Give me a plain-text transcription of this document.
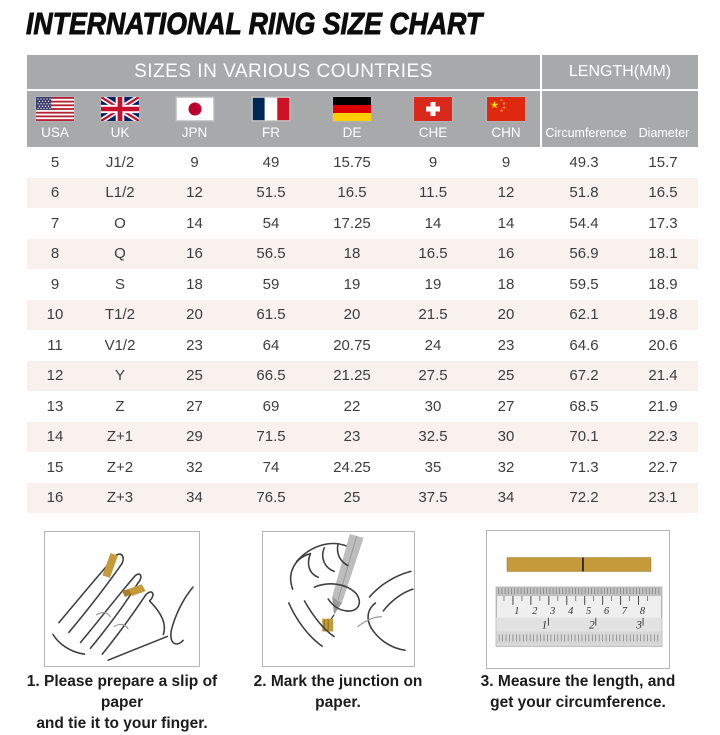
INTERNATIONAL RING SIZE CHART
SIZES IN VARIOUS COUNTRIES	LENGTH(MM)
USA	UK	JPN	FR	DE	CHE	CHN Circumference Diameter
5	J1/2	9	49	15.75	9	9	49.3	15.7
6	L1/2	12	51.5	16.5	11.5	12	51.8	16.5
7	O	14	54	17.25	14	14	54.4	17.3
8	Q	16	56.5	18	16.5	16	56.9	18.1
9	S	18	59	19	19	18	59.5	18.9
10	T1/2	20	61.5	20	21.5	20	62.1	19.8
11	V1/2	23	64	20.75	24	23	64.6	20.6
12	Y	25	66.5	21.25	27.5	25	67.2	21.4
13	Z	27	69	22	30	27	68.5	21.9
14	Z+1	29	71.5	23	32.5	30	70.1	22.3
15	Z+2	32	74	24.25	35	32	71.3	22.7
16	Z+3	34	76.5	25	37.5	34	72.2	23.1
1 2 3 4 5 6 7 8
1	2	3
1. Please prepare a slip of paper
and tie it to your finger.
2. Mark the junction on paper.
3. Measure the length, and
get your circumference.
